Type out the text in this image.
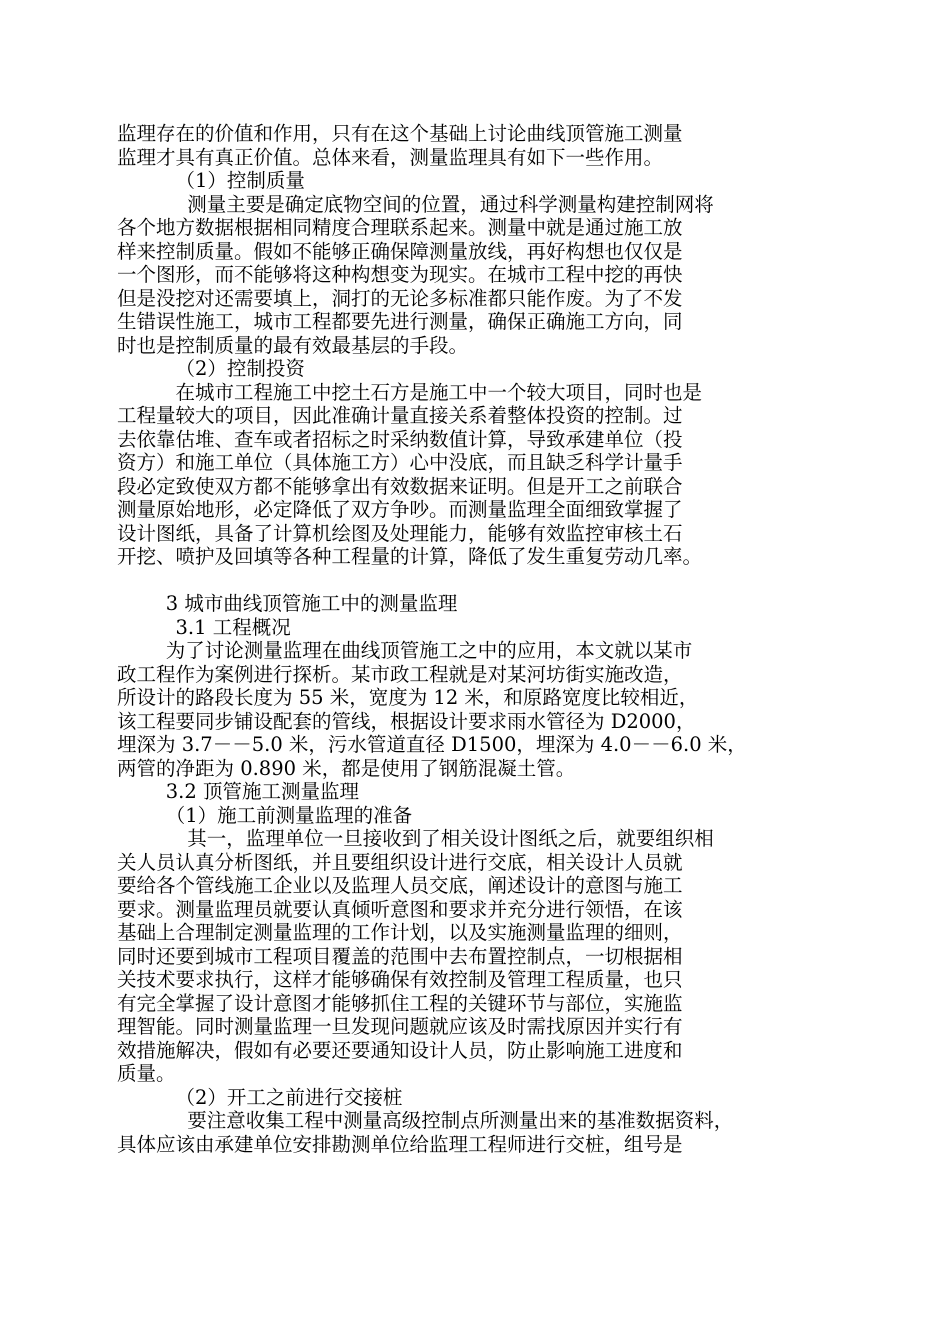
监理存在的价值和作用，只有在这个基础上讨论曲线顶管施工测量
监理才具有真正价值。总体来看，测量监理具有如下一些作用。
（1）控制质量
测量主要是确定底物空间的位置，通过科学测量构建控制网将
各个地方数据根据相同精度合理联系起来。测量中就是通过施工放
样来控制质量。假如不能够正确保障测量放线，再好构想也仅仅是
一个图形，而不能够将这种构想变为现实。在城市工程中挖的再快
但是没挖对还需要填上，洞打的无论多标准都只能作废。为了不发
生错误性施工，城市工程都要先进行测量，确保正确施工方向，同
时也是控制质量的最有效最基层的手段。
（2）控制投资
在城市工程施工中挖土石方是施工中一个较大项目，同时也是
工程量较大的项目，因此准确计量直接关系着整体投资的控制。过
去依靠估堆、查车或者招标之时采纳数值计算，导致承建单位（投
资方）和施工单位（具体施工方）心中没底，而且缺乏科学计量手
段必定致使双方都不能够拿出有效数据来证明。但是开工之前联合
测量原始地形，必定降低了双方争吵。而测量监理全面细致掌握了
设计图纸，具备了计算机绘图及处理能力，能够有效监控审核土石
开挖、喷护及回填等各种工程量的计算，降低了发生重复劳动几率。
3 城市曲线顶管施工中的测量监理
3.1 工程概况
为了讨论测量监理在曲线顶管施工之中的应用，本文就以某市
政工程作为案例进行探析。某市政工程就是对某河坊街实施改造，
所设计的路段长度为 55 米，宽度为 12 米，和原路宽度比较相近，
该工程要同步铺设配套的管线，根据设计要求雨水管径为 D2000，
埋深为 3.7－－5.0 米，污水管道直径 D1500，埋深为 4.0－－6.0 米，
两管的净距为 0.890 米，都是使用了钢筋混凝土管。
3.2 顶管施工测量监理
（1）施工前测量监理的准备
其一，监理单位一旦接收到了相关设计图纸之后，就要组织相
关人员认真分析图纸，并且要组织设计进行交底，相关设计人员就
要给各个管线施工企业以及监理人员交底，阐述设计的意图与施工
要求。测量监理员就要认真倾听意图和要求并充分进行领悟，在该
基础上合理制定测量监理的工作计划，以及实施测量监理的细则，
同时还要到城市工程项目覆盖的范围中去布置控制点，一切根据相
关技术要求执行，这样才能够确保有效控制及管理工程质量，也只
有完全掌握了设计意图才能够抓住工程的关键环节与部位，实施监
理智能。同时测量监理一旦发现问题就应该及时需找原因并实行有
效措施解决，假如有必要还要通知设计人员，防止影响施工进度和
质量。
（2）开工之前进行交接桩
要注意收集工程中测量高级控制点所测量出来的基准数据资料，
具体应该由承建单位安排勘测单位给监理工程师进行交桩，组号是
